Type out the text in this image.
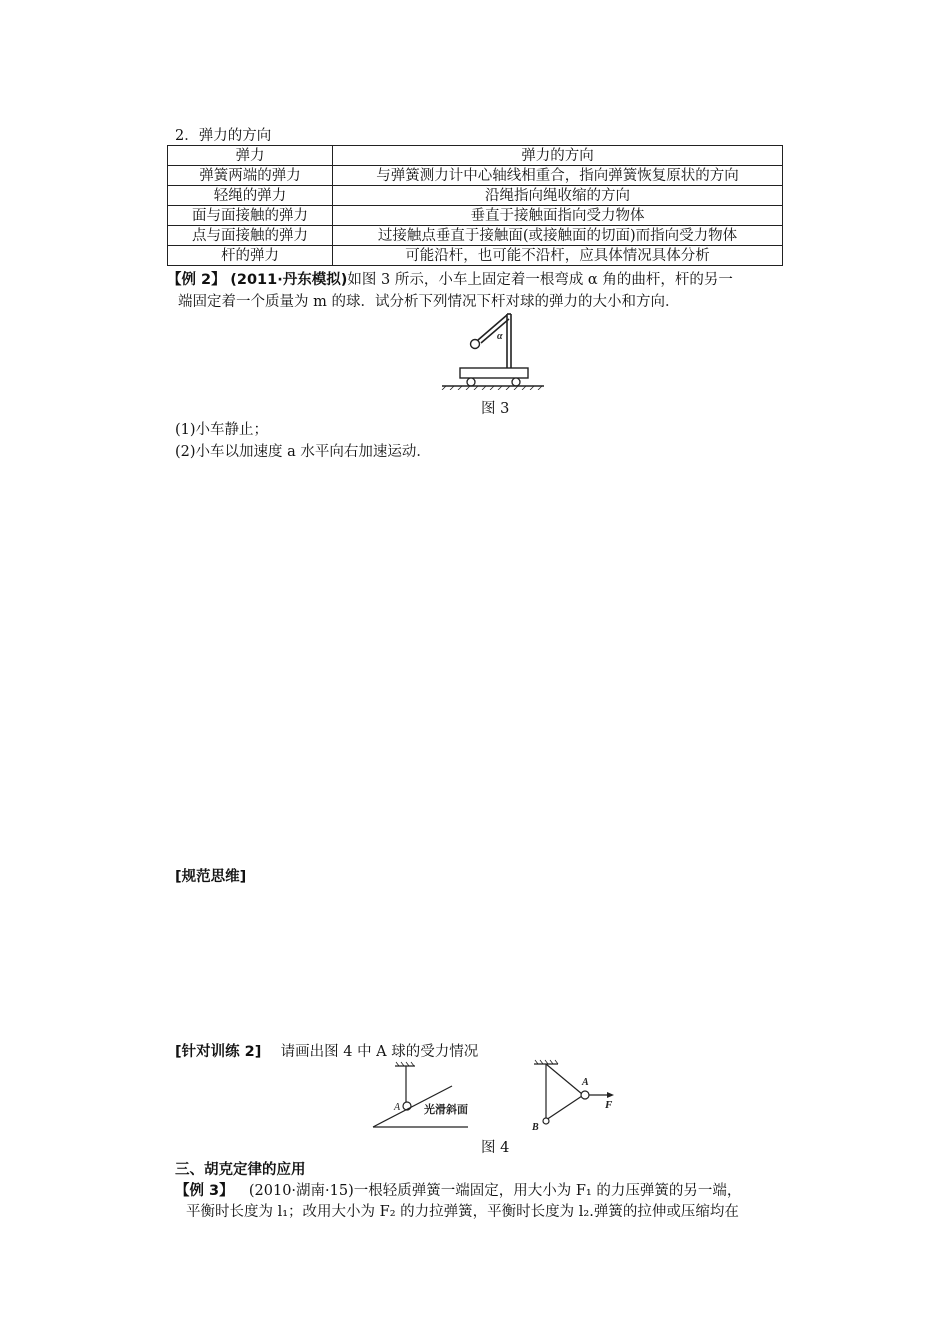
2．弹力的方向
弹力	弹力的方向
弹簧两端的弹力	与弹簧测力计中心轴线相重合，指向弹簧恢复原状的方向
轻绳的弹力	沿绳指向绳收缩的方向
面与面接触的弹力	垂直于接触面指向受力物体
点与面接触的弹力	过接触点垂直于接触面(或接触面的切面)而指向受力物体
杆的弹力	可能沿杆，也可能不沿杆，应具体情况具体分析
【例 2】 (2011·丹东模拟)如图 3 所示，小车上固定着一根弯成 α 角的曲杆，杆的另一
端固定着一个质量为 m 的球．试分析下列情况下杆对球的弹力的大小和方向．
α
图 3
(1)小车静止；
(2)小车以加速度 a 水平向右加速运动．
[规范思维]
[针对训练 2] 请画出图 4 中 A 球的受力情况
A 光滑斜面
A
B
F
图 4
三、胡克定律的应用
【例 3】 (2010·湖南·15)一根轻质弹簧一端固定，用大小为 F₁ 的力压弹簧的另一端，
平衡时长度为 l₁；改用大小为 F₂ 的力拉弹簧，平衡时长度为 l₂.弹簧的拉伸或压缩均在
